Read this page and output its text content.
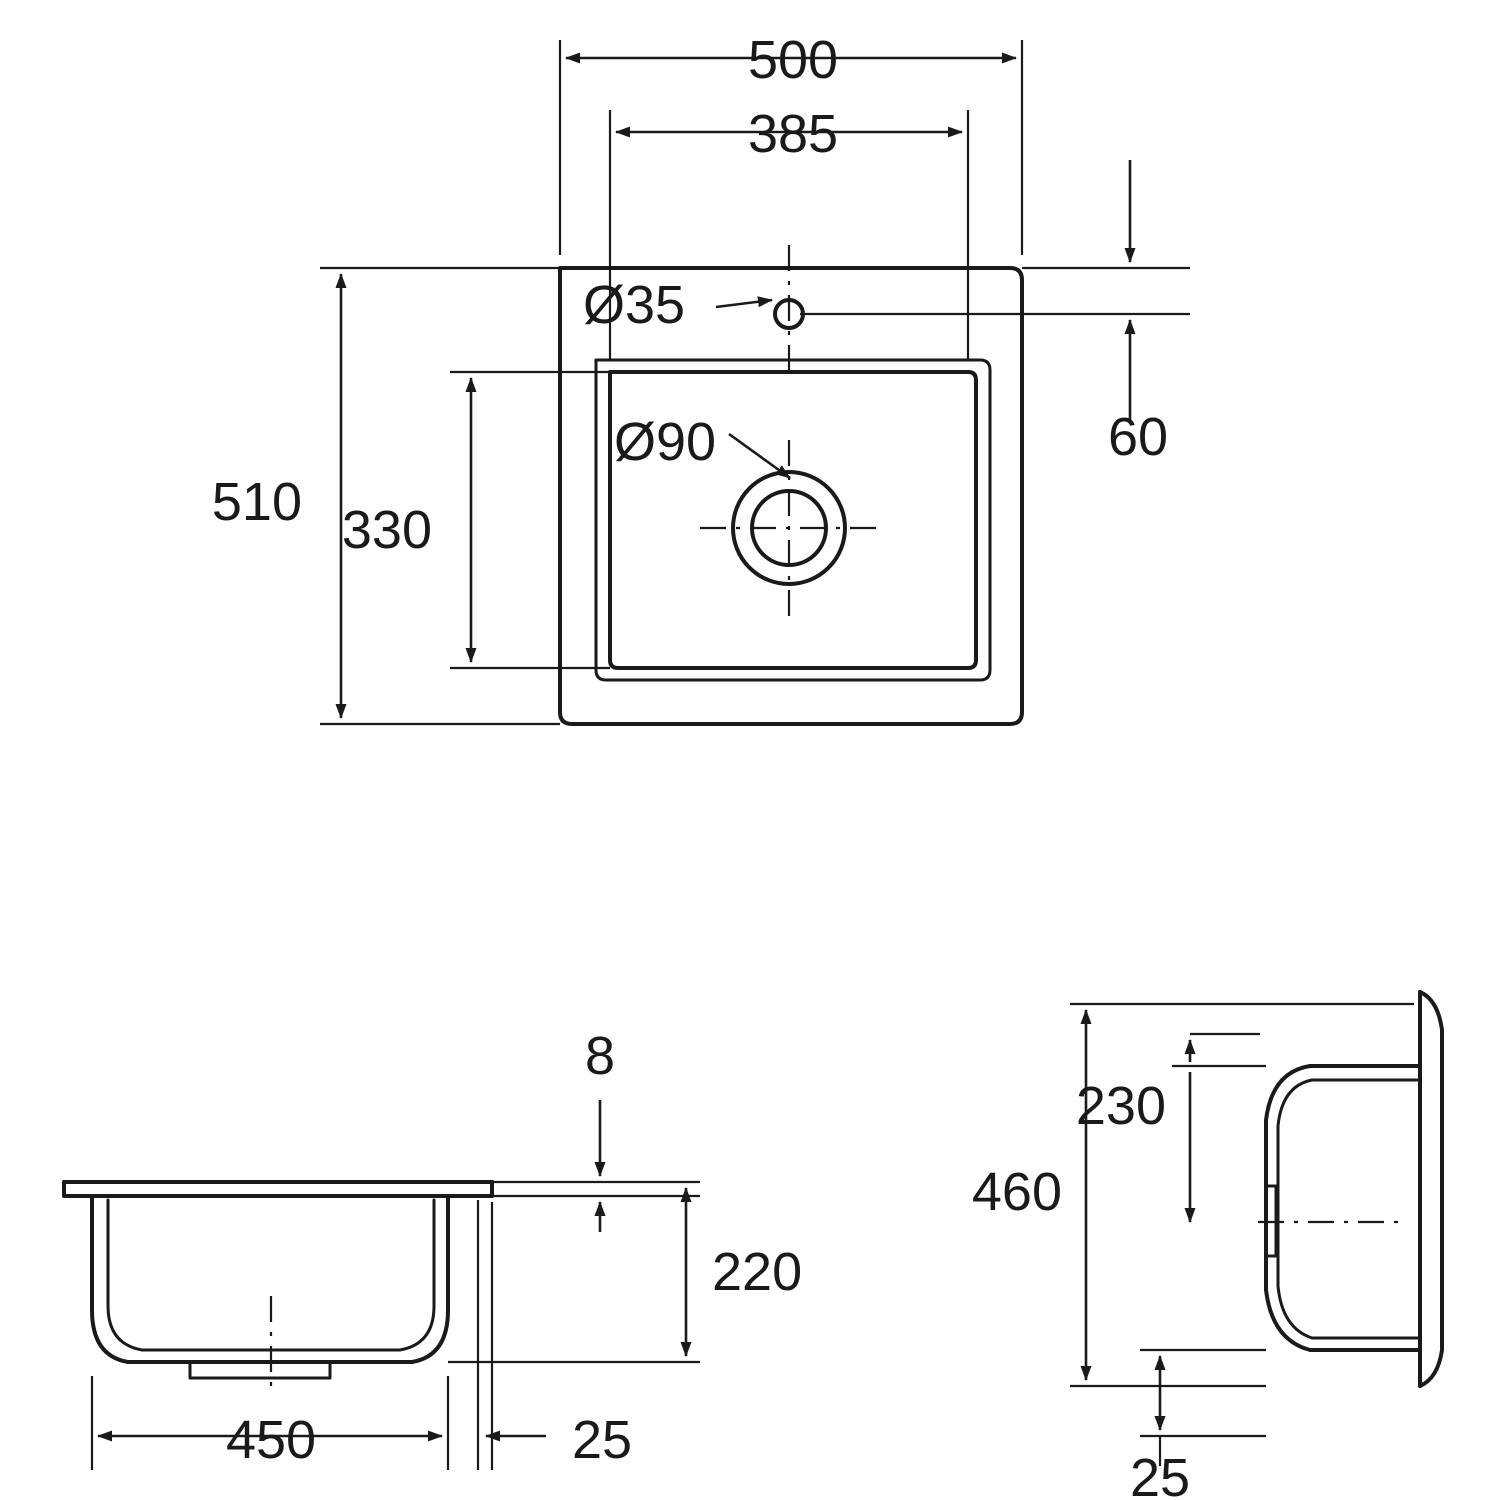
500
385
510 330
60
Ø35
Ø90
8
220
450	25
460
230
25
